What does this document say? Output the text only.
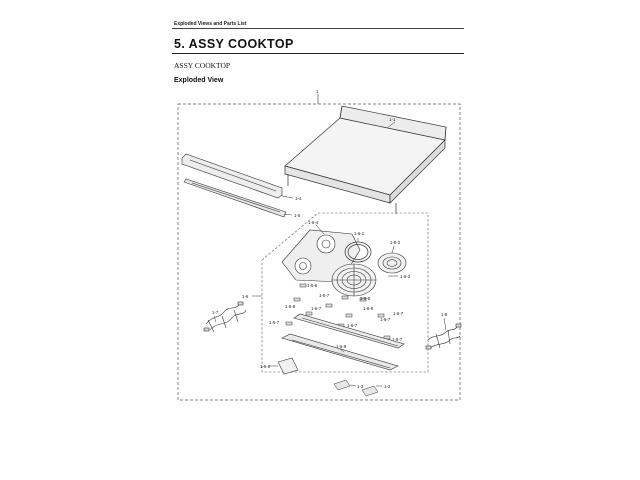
Exploded Views and Parts List
5. ASSY COOKTOP
ASSY COOKTOP
Exploded View
1
1-1
1-4
1-5
1-6
1-6-4
1-6-1
1-6-2
1-6-3
1-6-6
1-6-7
1-6-5
1-6-6	1-6-7	1-6-6
1-6-7
1-6-7
1-6-7
1-6-7
1-6-7
1-7	1-8
1-6-9
1-6-8
1-2
1-3
